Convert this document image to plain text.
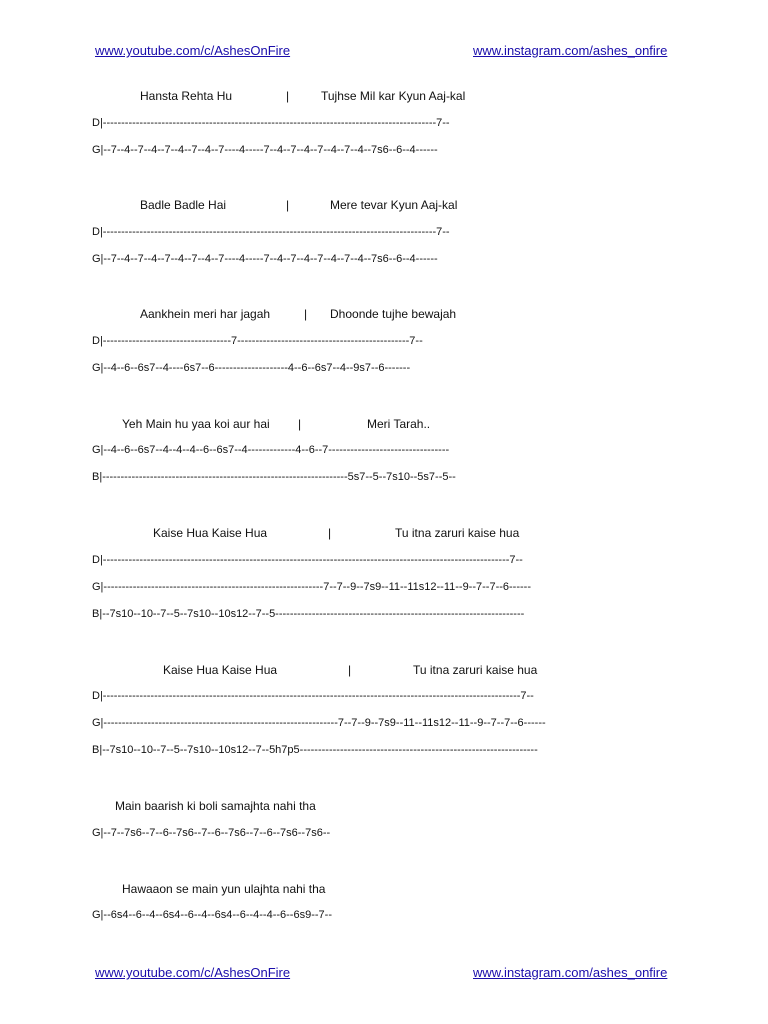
www.youtube.com/c/AshesOnFire	www.instagram.com/ashes_onfire
Hansta Rehta Hu	|	Tujhse Mil kar Kyun Aaj-kal
D|-------------------------------------------------------------------------------------------7--
G|--7--4--7--4--7--4--7--4--7----4-----7--4--7--4--7--4--7--4--7s6--6--4------
Badle Badle Hai	|	Mere tevar Kyun Aaj-kal
D|-------------------------------------------------------------------------------------------7--
G|--7--4--7--4--7--4--7--4--7----4-----7--4--7--4--7--4--7--4--7s6--6--4------
Aankhein meri har jagah	| Dhoonde tujhe bewajah
D|-----------------------------------7-----------------------------------------------7--
G|--4--6--6s7--4----6s7--6--------------------4--6--6s7--4--9s7--6-------
Yeh Main hu yaa koi aur hai |	Meri Tarah..
G|--4--6--6s7--4--4--4--6--6s7--4-------------4--6--7---------------------------------
B|-------------------------------------------------------------------5s7--5--7s10--5s7--5--
Kaise Hua Kaise Hua	|	Tu itna zaruri kaise hua
D|---------------------------------------------------------------------------------------------------------------7--
G|------------------------------------------------------------7--7--9--7s9--11--11s12--11--9--7--7--6------
B|--7s10--10--7--5--7s10--10s12--7--5--------------------------------------------------------------------
Kaise Hua Kaise Hua	|	Tu itna zaruri kaise hua
D|------------------------------------------------------------------------------------------------------------------7--
G|----------------------------------------------------------------7--7--9--7s9--11--11s12--11--9--7--7--6------
B|--7s10--10--7--5--7s10--10s12--7--5h7p5-----------------------------------------------------------------
Main baarish ki boli samajhta nahi tha
G|--7--7s6--7--6--7s6--7--6--7s6--7--6--7s6--7s6--
Hawaaon se main yun ulajhta nahi tha
G|--6s4--6--4--6s4--6--4--6s4--6--4--4--6--6s9--7--
www.youtube.com/c/AshesOnFire	www.instagram.com/ashes_onfire
